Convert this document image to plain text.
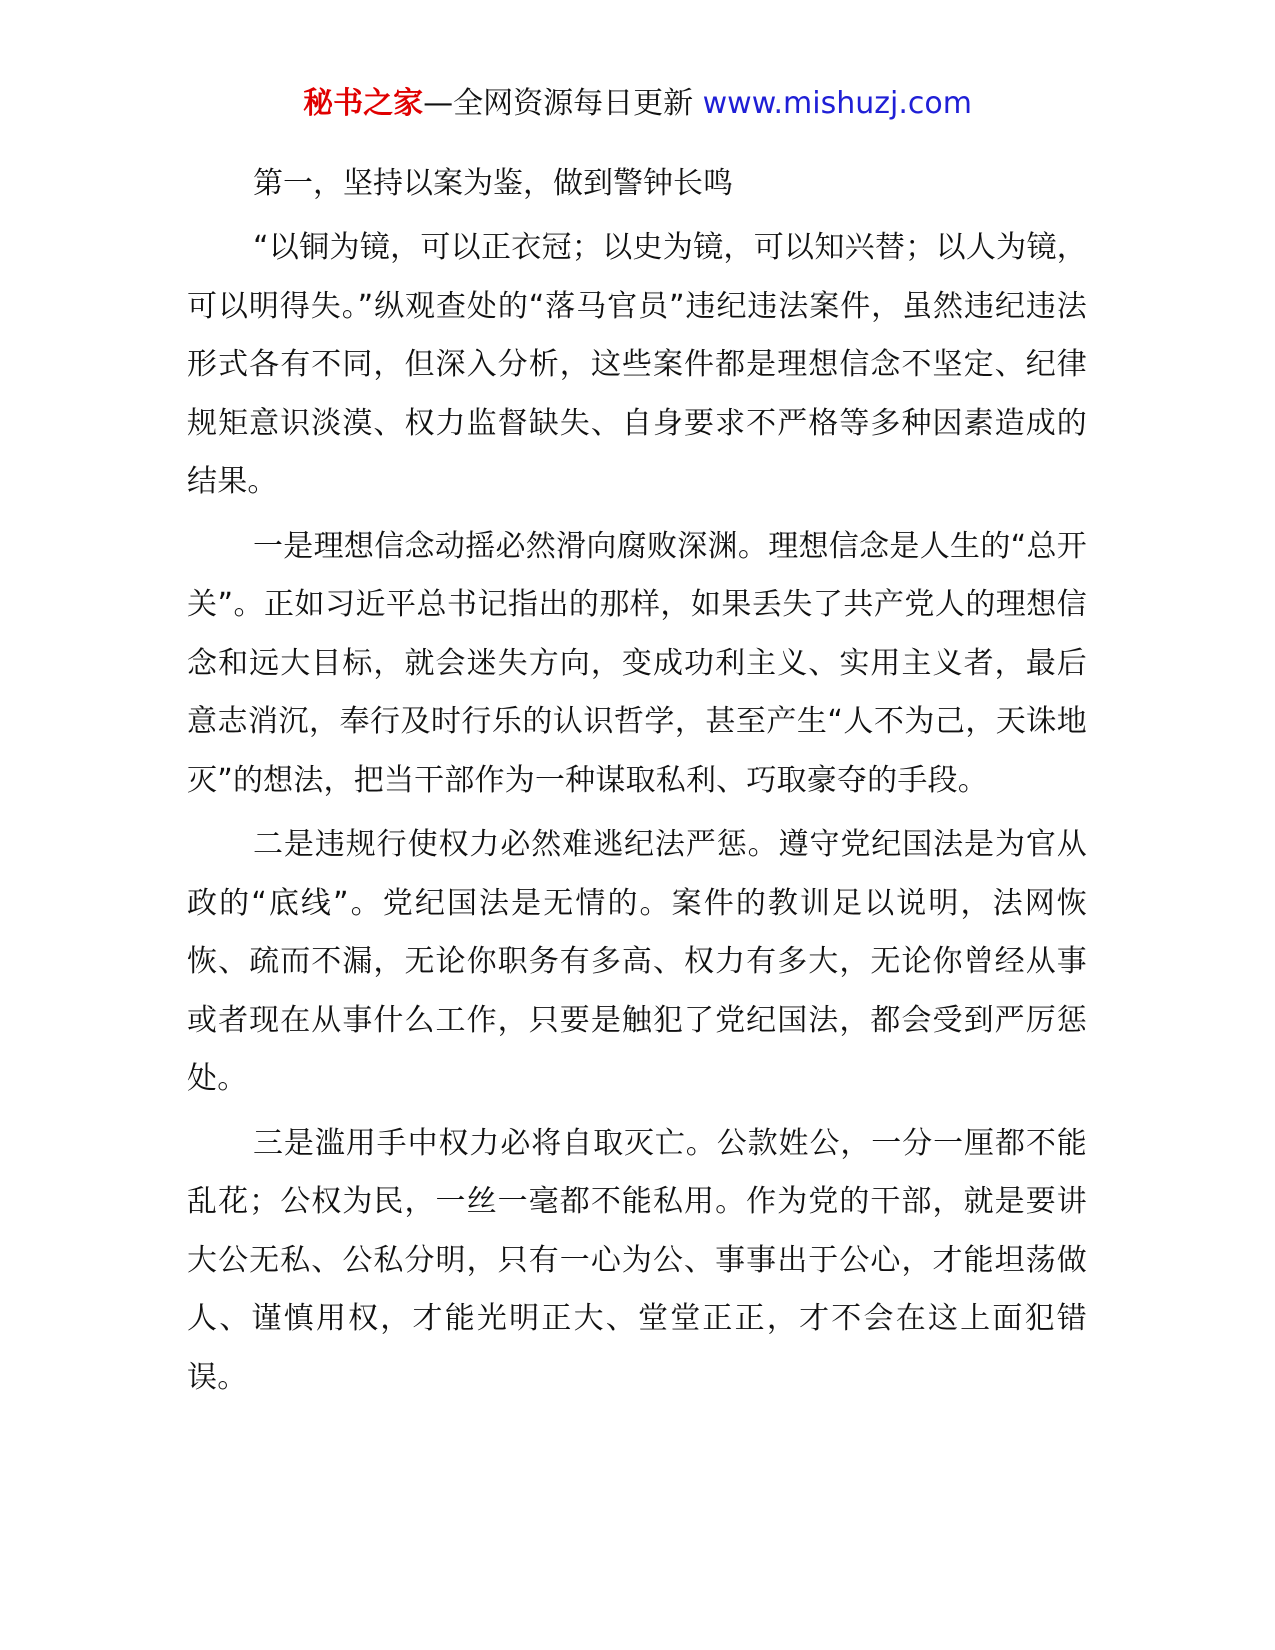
秘书之家—全网资源每日更新 www.mishuzj.com

第一，坚持以案为鉴，做到警钟长鸣

“以铜为镜，可以正衣冠；以史为镜，可以知兴替；以人为镜，可以明得失。”纵观查处的“落马官员”违纪违法案件，虽然违纪违法形式各有不同，但深入分析，这些案件都是理想信念不坚定、纪律规矩意识淡漠、权力监督缺失、自身要求不严格等多种因素造成的结果。

一是理想信念动摇必然滑向腐败深渊。理想信念是人生的“总开关”。正如习近平总书记指出的那样，如果丢失了共产党人的理想信念和远大目标，就会迷失方向，变成功利主义、实用主义者，最后意志消沉，奉行及时行乐的认识哲学，甚至产生“人不为己，天诛地灭”的想法，把当干部作为一种谋取私利、巧取豪夺的手段。

二是违规行使权力必然难逃纪法严惩。遵守党纪国法是为官从政的“底线”。党纪国法是无情的。案件的教训足以说明，法网恢恢、疏而不漏，无论你职务有多高、权力有多大，无论你曾经从事或者现在从事什么工作，只要是触犯了党纪国法，都会受到严厉惩处。

三是滥用手中权力必将自取灭亡。公款姓公，一分一厘都不能乱花；公权为民，一丝一毫都不能私用。作为党的干部，就是要讲大公无私、公私分明，只有一心为公、事事出于公心，才能坦荡做人、谨慎用权，才能光明正大、堂堂正正，才不会在这上面犯错误。
